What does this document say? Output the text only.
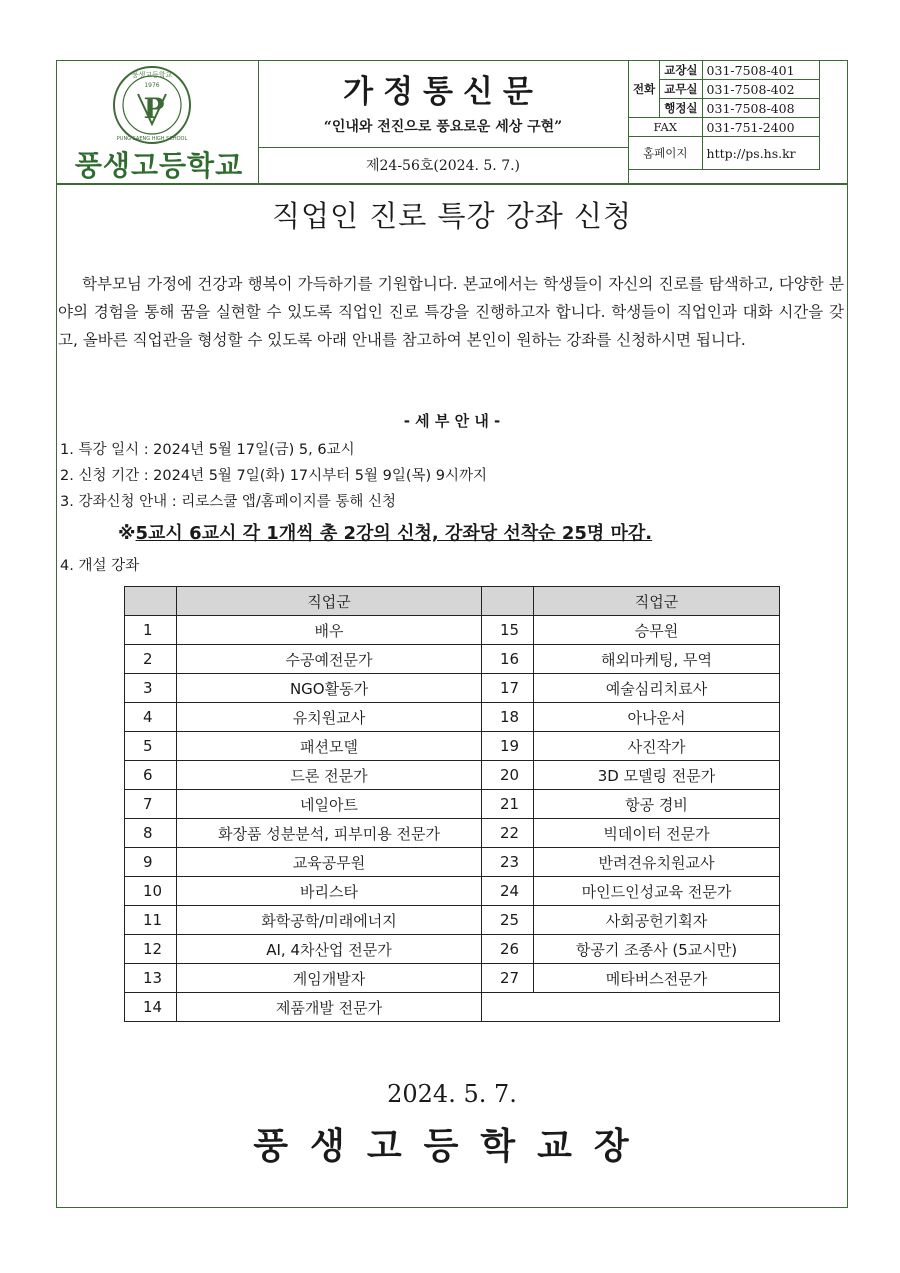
풍생고등학교
1976
P
PUNG SAENG HIGH SCHOOL
풍생고등학교
가정통신문
“인내와 전진으로 풍요로운 세상 구현”
제24-56호(2024. 5. 7.)
전화	교장실	031-7508-401
	교무실	031-7508-402
	행정실	031-7508-408
FAX		031-751-2400
홈페이지		http://ps.hs.kr
직업인 진로 특강 강좌 신청

학부모님 가정에 건강과 행복이 가득하기를 기원합니다. 본교에서는 학생들이 자신의 진로를 탐색하고, 다양한 분야의 경험을 통해 꿈을 실현할 수 있도록 직업인 진로 특강을 진행하고자 합니다. 학생들이 직업인과 대화 시간을 갖고, 올바른 직업관을 형성할 수 있도록 아래 안내를 참고하여 본인이 원하는 강좌를 신청하시면 됩니다.

- 세 부 안 내 -
1. 특강 일시 : 2024년 5월 17일(금) 5, 6교시
2. 신청 기간 : 2024년 5월 7일(화) 17시부터 5월 9일(목) 9시까지
3. 강좌신청 안내 : 리로스쿨 앱/홈페이지를 통해 신청
※5교시 6교시 각 1개씩 총 2강의 신청, 강좌당 선착순 25명 마감.
4. 개설 강좌
	직업군		직업군
1	배우	15	승무원
2	수공예전문가	16	해외마케팅, 무역
3	NGO활동가	17	예술심리치료사
4	유치원교사	18	아나운서
5	패션모델	19	사진작가
6	드론 전문가	20	3D 모델링 전문가
7	네일아트	21	항공 경비
8	화장품 성분분석, 피부미용 전문가	22	빅데이터 전문가
9	교육공무원	23	반려견유치원교사
10	바리스타	24	마인드인성교육 전문가
11	화학공학/미래에너지	25	사회공헌기획자
12	AI, 4차산업 전문가	26	항공기 조종사 (5교시만)
13	게임개발자	27	메타버스전문가
14	제품개발 전문가		
2024. 5. 7.
풍생고등학교장
